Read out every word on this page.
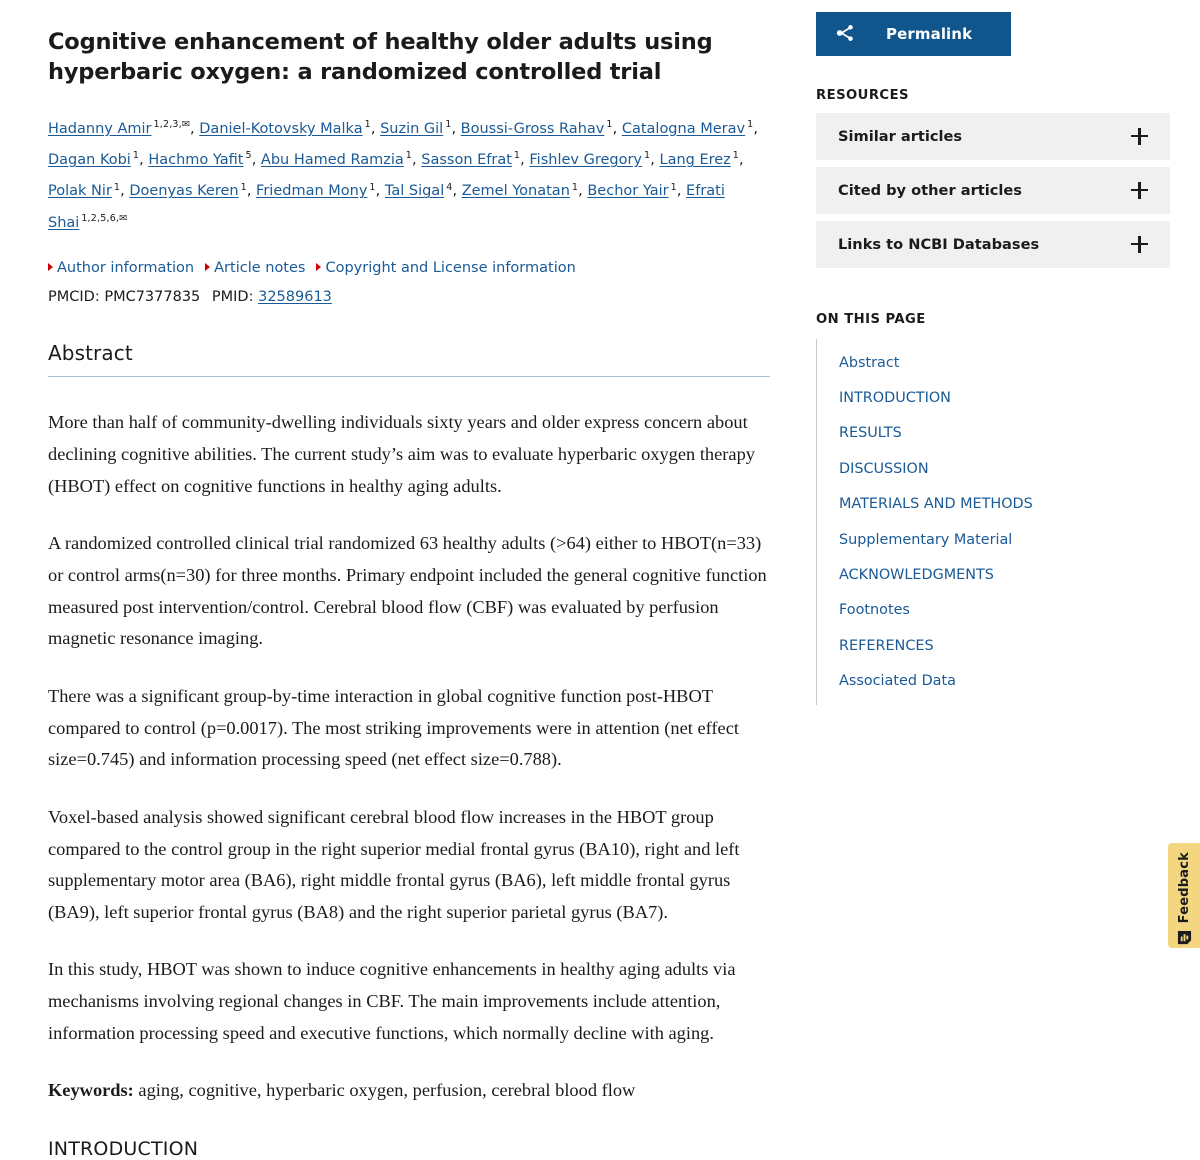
Cognitive enhancement of healthy older adults using hyperbaric oxygen: a randomized controlled trial
Hadanny Amir $^{1,2,3,✉}$, Daniel-Kotovsky Malka $^1$, Suzin Gil $^1$, Boussi-Gross Rahav $^1$, Catalogna Merav $^1$, Dagan Kobi $^1$, Hachmo Yafit $^5$, Abu Hamed Ramzia $^1$, Sasson Efrat $^1$, Fishlev Gregory $^1$, Lang Erez $^1$, Polak Nir $^1$, Doenyas Keren $^1$, Friedman Mony $^1$, Tal Sigal $^4$, Zemel Yonatan $^1$, Bechor Yair $^1$, Efrati Shai $^{1,2,5,6,✉}$
Author information Article notes Copyright and License information
PMCID: PMC7377835 PMID: 32589613
Abstract

More than half of community-dwelling individuals sixty years and older express concern about declining cognitive abilities. The current study’s aim was to evaluate hyperbaric oxygen therapy (HBOT) effect on cognitive functions in healthy aging adults.

A randomized controlled clinical trial randomized 63 healthy adults (>64) either to HBOT(n=33) or control arms(n=30) for three months. Primary endpoint included the general cognitive function measured post intervention/control. Cerebral blood flow (CBF) was evaluated by perfusion magnetic resonance imaging.

There was a significant group-by-time interaction in global cognitive function post-HBOT compared to control (p=0.0017). The most striking improvements were in attention (net effect size=0.745) and information processing speed (net effect size=0.788).

Voxel-based analysis showed significant cerebral blood flow increases in the HBOT group compared to the control group in the right superior medial frontal gyrus (BA10), right and left supplementary motor area (BA6), right middle frontal gyrus (BA6), left middle frontal gyrus (BA9), left superior frontal gyrus (BA8) and the right superior parietal gyrus (BA7).

In this study, HBOT was shown to induce cognitive enhancements in healthy aging adults via mechanisms involving regional changes in CBF. The main improvements include attention, information processing speed and executive functions, which normally decline with aging.

Keywords: aging, cognitive, hyperbaric oxygen, perfusion, cerebral blood flow

INTRODUCTION
Permalink
RESOURCES
Similar articles
Cited by other articles
Links to NCBI Databases
ON THIS PAGE
Abstract
INTRODUCTION
RESULTS
DISCUSSION
MATERIALS AND METHODS
Supplementary Material
ACKNOWLEDGMENTS
Footnotes
REFERENCES
Associated Data
Feedback
